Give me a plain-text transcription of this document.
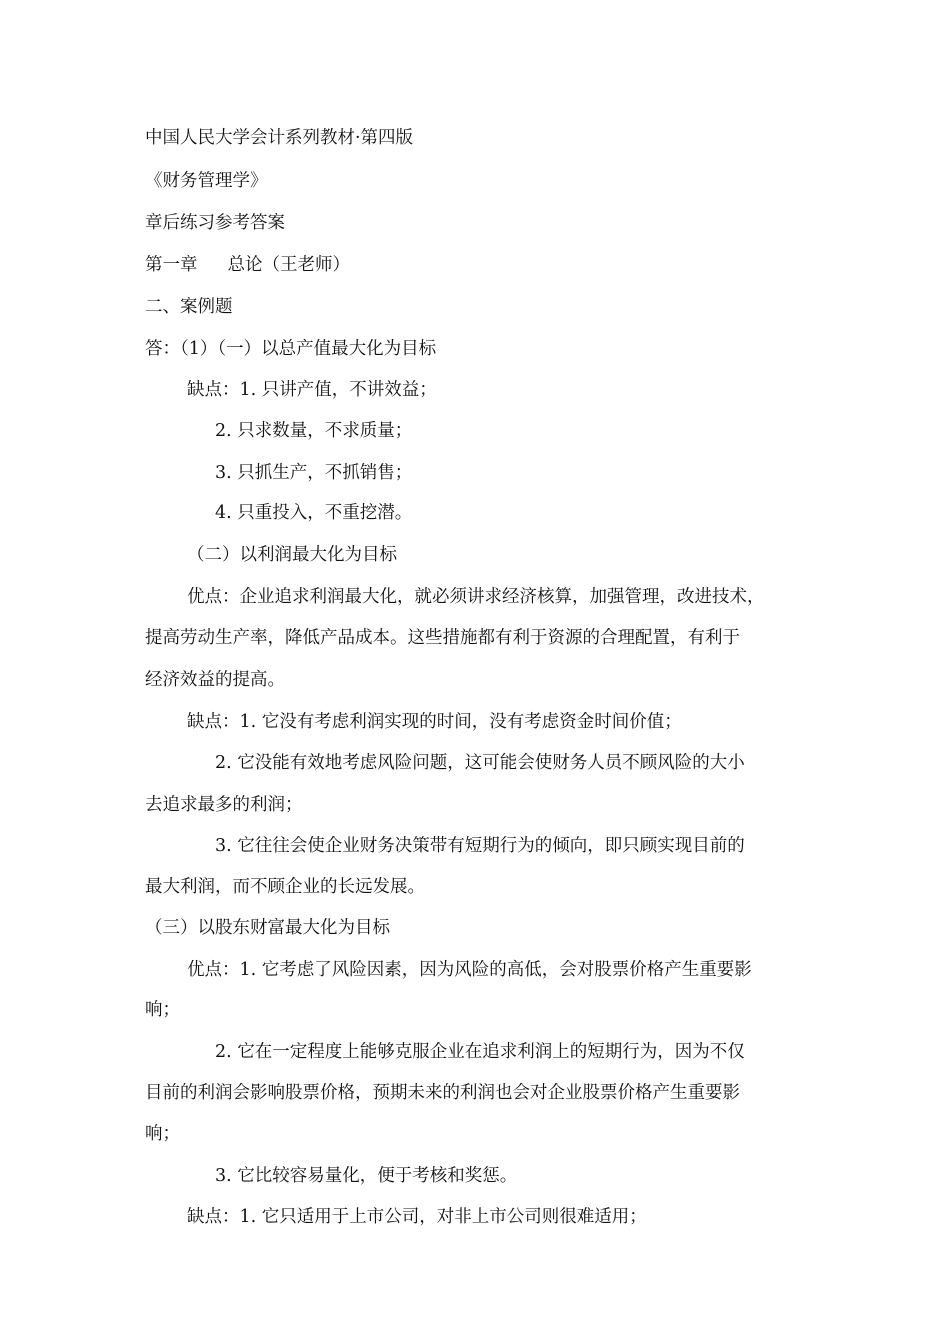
中国人民大学会计系列教材·第四版
《财务管理学》
章后练习参考答案
第一章 总论（王老师）
二、案例题
答：（1）（一）以总产值最大化为目标
缺点：1. 只讲产值，不讲效益；
2. 只求数量，不求质量；
3. 只抓生产，不抓销售；
4. 只重投入，不重挖潜。
（二）以利润最大化为目标
优点：企业追求利润最大化，就必须讲求经济核算，加强管理，改进技术，
提高劳动生产率，降低产品成本。这些措施都有利于资源的合理配置，有利于
经济效益的提高。
缺点：1. 它没有考虑利润实现的时间，没有考虑资金时间价值；
2. 它没能有效地考虑风险问题，这可能会使财务人员不顾风险的大小
去追求最多的利润；
3. 它往往会使企业财务决策带有短期行为的倾向，即只顾实现目前的
最大利润，而不顾企业的长远发展。
（三）以股东财富最大化为目标
优点：1. 它考虑了风险因素，因为风险的高低，会对股票价格产生重要影
响；
2. 它在一定程度上能够克服企业在追求利润上的短期行为，因为不仅
目前的利润会影响股票价格，预期未来的利润也会对企业股票价格产生重要影
响；
3. 它比较容易量化，便于考核和奖惩。
缺点：1. 它只适用于上市公司，对非上市公司则很难适用；
